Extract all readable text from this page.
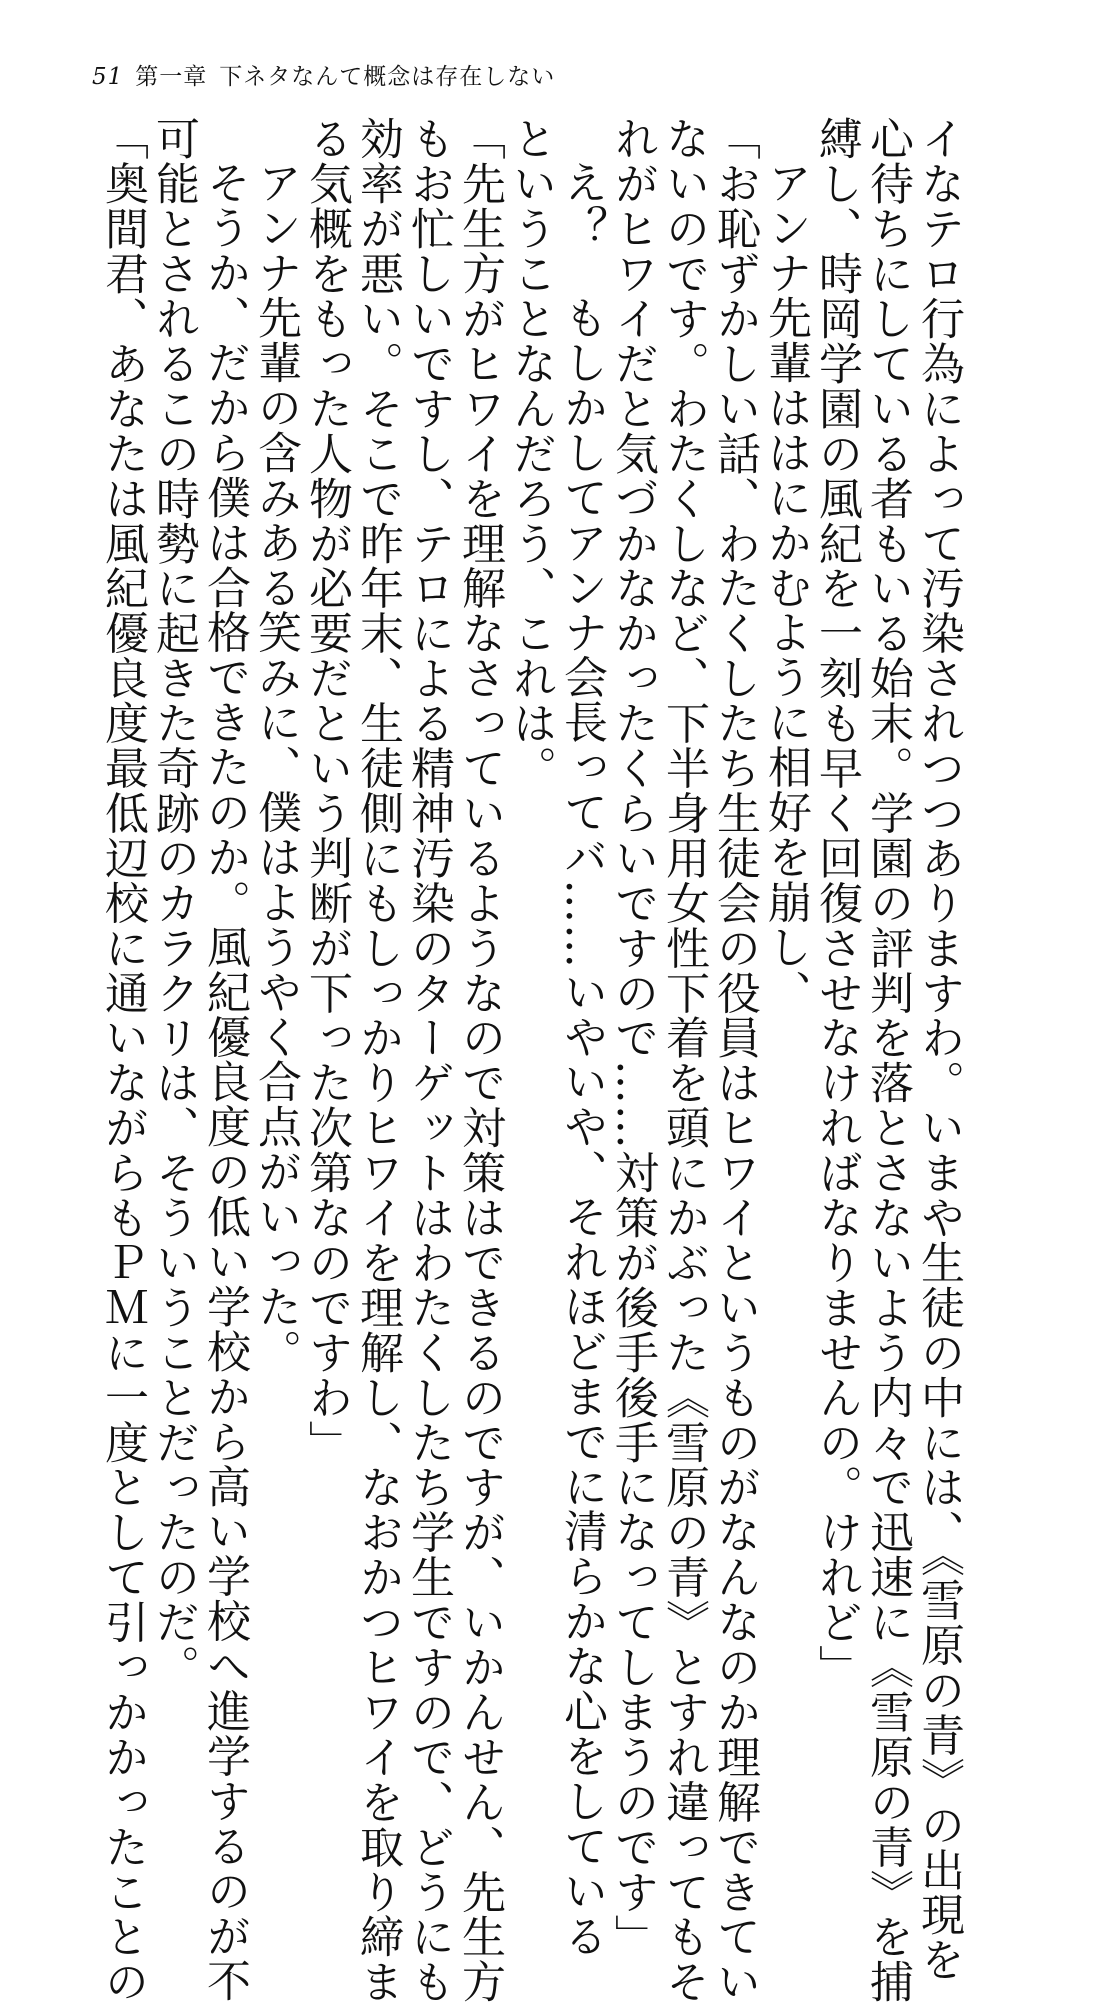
51 第一章 下ネタなんて概念は存在しない
イなテロ行為によって汚染されつつありますわ。いまや生徒の中には、《雪原の青》の出現を
心待ちにしている者もいる始末。学園の評判を落とさないよう内々で迅速に《雪原の青》を捕
縛し、時岡学園の風紀を一刻も早く回復させなければなりませんの。けれど」
アンナ先輩ははにかむように相好を崩し、
「お恥ずかしい話、わたくしたち生徒会の役員はヒワイというものがなんなのか理解できてい
ないのです。わたくしなど、下半身用女性下着を頭にかぶった《雪原の青》とすれ違ってもそ
れがヒワイだと気づかなかったくらいですので……対策が後手後手になってしまうのです」
え？　もしかしてアンナ会長ってバ……いやいや、それほどまでに清らかな心をしている
ということなんだろう、これは。
「先生方がヒワイを理解なさっているようなので対策はできるのですが、いかんせん、先生方
もお忙しいですし、テロによる精神汚染のターゲットはわたくしたち学生ですので、どうにも
効率が悪い。そこで昨年末、生徒側にもしっかりヒワイを理解し、なおかつヒワイを取り締ま
る気概をもった人物が必要だという判断が下った次第なのですわ」
アンナ先輩の含みある笑みに、僕はようやく合点がいった。
そうか、だから僕は合格できたのか。風紀優良度の低い学校から高い学校へ進学するのが不
可能とされるこの時勢に起きた奇跡のカラクリは、そういうことだったのだ。
「奥間君、あなたは風紀優良度最低辺校に通いながらもＰＭに一度として引っかかったことの
